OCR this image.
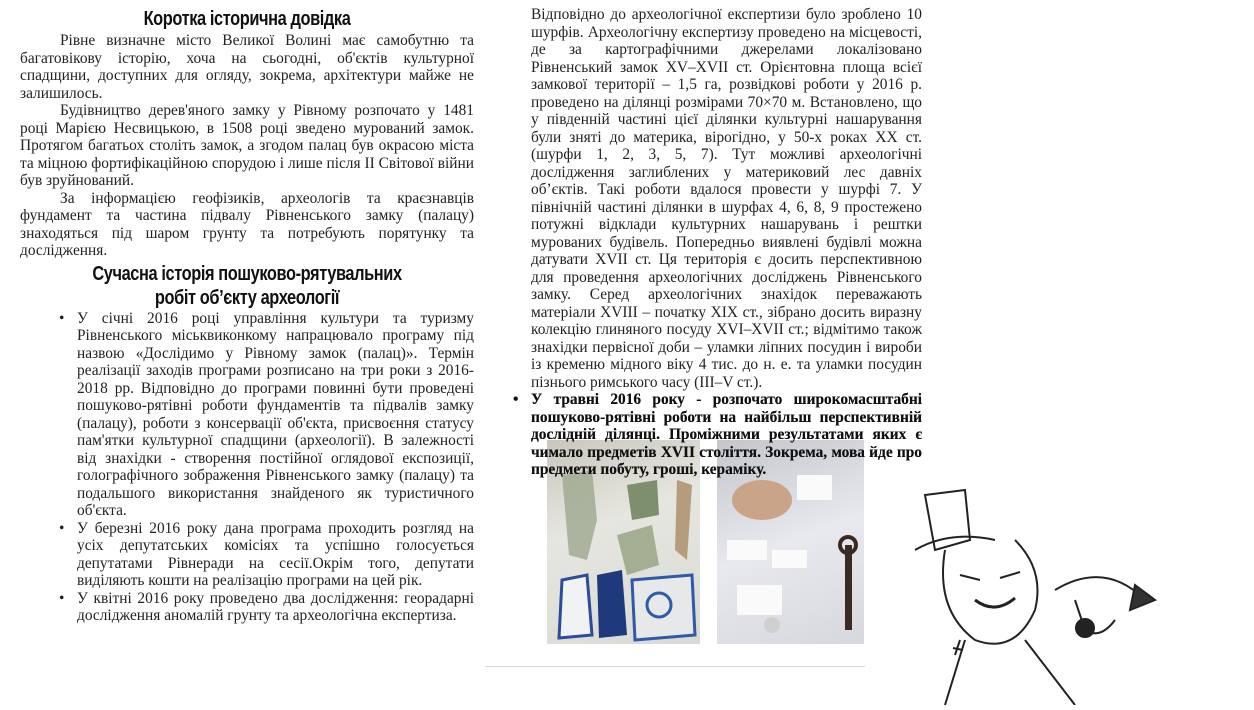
Коротка історична довідка

Рівне визначне місто Великої Волині має самобутню та багатовікову історію, хоча на сьогодні, об'єктів культурної спадщини, доступних для огляду, зокрема, архітектури майже не залишилось.

Будівництво дерев'яного замку у Рівному розпочато у 1481 році Марією Несвицькою, в 1508 році зведено мурований замок. Протягом багатьох століть замок, а згодом палац був окрасою міста та міцною фортифікаційною спорудою і лише після II Світової війни був зруйнований.

За інформацією геофізиків, археологів та краєзнавців фундамент та частина підвалу Рівненського замку (палацу) знаходяться під шаром грунту та потребують порятунку та дослідження.

Сучасна історія пошуково-рятувальних
робіт об’єкту археології
• У січні 2016 році управління культури та туризму Рівненського міськвиконкому напрацювало програму під назвою «Дослідимо у Рівному замок (палац)». Термін реалізації заходів програми розписано на три роки з 2016-2018 рр. Відповідно до програми повинні бути проведені пошуково-рятівні роботи фундаментів та підвалів замку (палацу), роботи з консервації об'єкта, присвоєння статусу пам'ятки культурної спадщини (археології). В залежності від знахідки - створення постійної оглядової експозиції, голографічного зображення Рівненського замку (палацу) та подальшого використання знайденого як туристичного об'єкта.
• У березні 2016 року дана програма проходить розгляд на усіх депутатських комісіях та успішно голосується депутатами Рівнеради на сесії.Окрім того, депутати виділяють кошти на реалізацію програми на цей рік.
• У квітні 2016 року проведено два дослідження: георадарні дослідження аномалій грунту та археологічна експертиза.

Відповідно до археологічної експертизи було зроблено 10 шурфів. Археологічну експертизу проведено на місцевості, де за картографічними джерелами локалізовано Рівненський замок XV–XVII ст. Орієнтовна площа всієї замкової території – 1,5 га, розвідкові роботи у 2016 р. проведено на ділянці розмірами 70×70 м. Встановлено, що у південній частині цієї ділянки культурні нашарування були зняті до материка, вірогідно, у 50-х роках XX ст. (шурфи 1, 2, 3, 5, 7). Тут можливі археологічні дослідження заглиблених у материковий лес давніх об’єктів. Такі роботи вдалося провести у шурфі 7. У північній частині ділянки в шурфах 4, 6, 8, 9 простежено потужні відклади культурних нашарувань і рештки мурованих будівель. Попередньо виявлені будівлі можна датувати XVII ст. Ця територія є досить перспективною для проведення археологічних досліджень Рівненського замку. Серед археологічних знахідок переважають матеріали XVIII – початку XIX ст., зібрано досить виразну колекцію глиняного посуду XVI–XVII ст.; відмітимо також знахідки первісної доби – уламки ліпних посудин і вироби із кременю мідного віку 4 тис. до н. е. та уламки посудин пізнього римського часу (III–V ст.).

• У травні 2016 року - розпочато широкомасштабні пошуково-рятівні роботи на найбільш перспективній дослідній ділянці. Проміжними результатами яких є чимало предметів XVII століття. Зокрема, мова йде про предмети побуту, гроші, кераміку.
